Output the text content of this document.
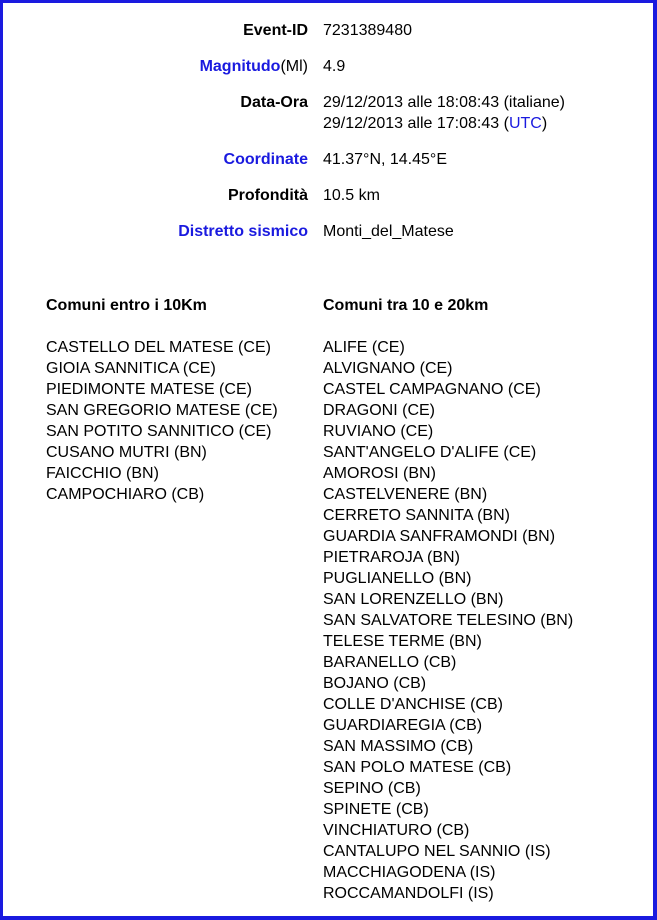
Event-ID 7231389480
Magnitudo(Ml) 4.9
Data-Ora 29/12/2013 alle 18:08:43 (italiane)
29/12/2013 alle 17:08:43 (UTC)
Coordinate 41.37°N, 14.45°E
Profondità 10.5 km
Distretto sismico Monti_del_Matese
Comuni entro i 10Km
CASTELLO DEL MATESE (CE)
GIOIA SANNITICA (CE)
PIEDIMONTE MATESE (CE)
SAN GREGORIO MATESE (CE)
SAN POTITO SANNITICO (CE)
CUSANO MUTRI (BN)
FAICCHIO (BN)
CAMPOCHIARO (CB)
Comuni tra 10 e 20km
ALIFE (CE)
ALVIGNANO (CE)
CASTEL CAMPAGNANO (CE)
DRAGONI (CE)
RUVIANO (CE)
SANT'ANGELO D'ALIFE (CE)
AMOROSI (BN)
CASTELVENERE (BN)
CERRETO SANNITA (BN)
GUARDIA SANFRAMONDI (BN)
PIETRAROJA (BN)
PUGLIANELLO (BN)
SAN LORENZELLO (BN)
SAN SALVATORE TELESINO (BN)
TELESE TERME (BN)
BARANELLO (CB)
BOJANO (CB)
COLLE D'ANCHISE (CB)
GUARDIAREGIA (CB)
SAN MASSIMO (CB)
SAN POLO MATESE (CB)
SEPINO (CB)
SPINETE (CB)
VINCHIATURO (CB)
CANTALUPO NEL SANNIO (IS)
MACCHIAGODENA (IS)
ROCCAMANDOLFI (IS)
